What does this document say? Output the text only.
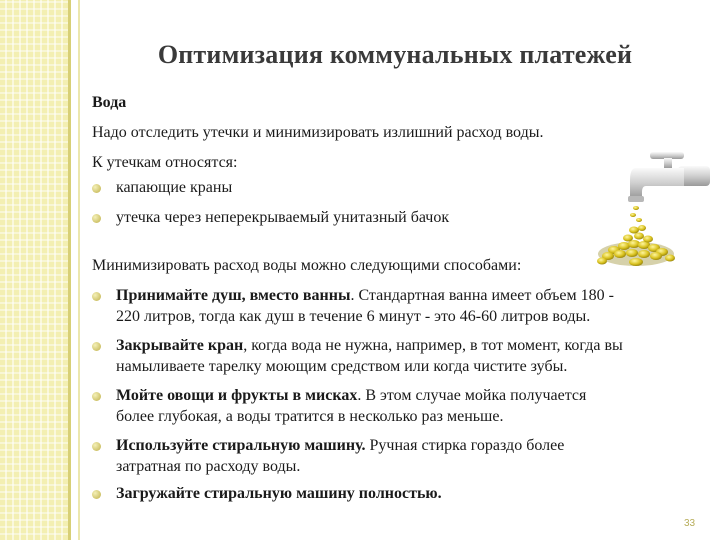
Оптимизация коммунальных платежей
Вода
Надо отследить утечки и минимизировать излишний расход воды.
К утечкам относятся:
капающие краны
утечка через неперекрываемый унитазный бачок
Минимизировать расход воды можно следующими способами:
Принимайте душ, вместо ванны. Стандартная ванна имеет объем 180 -
220 литров, тогда как душ в течение 6 минут - это 46-60 литров воды.
Закрывайте кран, когда вода не нужна, например, в тот момент, когда вы
намыливаете тарелку моющим средством или когда чистите зубы.
Мойте овощи и фрукты в мисках. В этом случае мойка получается
более глубокая, а воды тратится в несколько раз меньше.
Используйте стиральную машину. Ручная стирка гораздо более
затратная по расходу воды.
Загружайте стиральную машину полностью.
33
